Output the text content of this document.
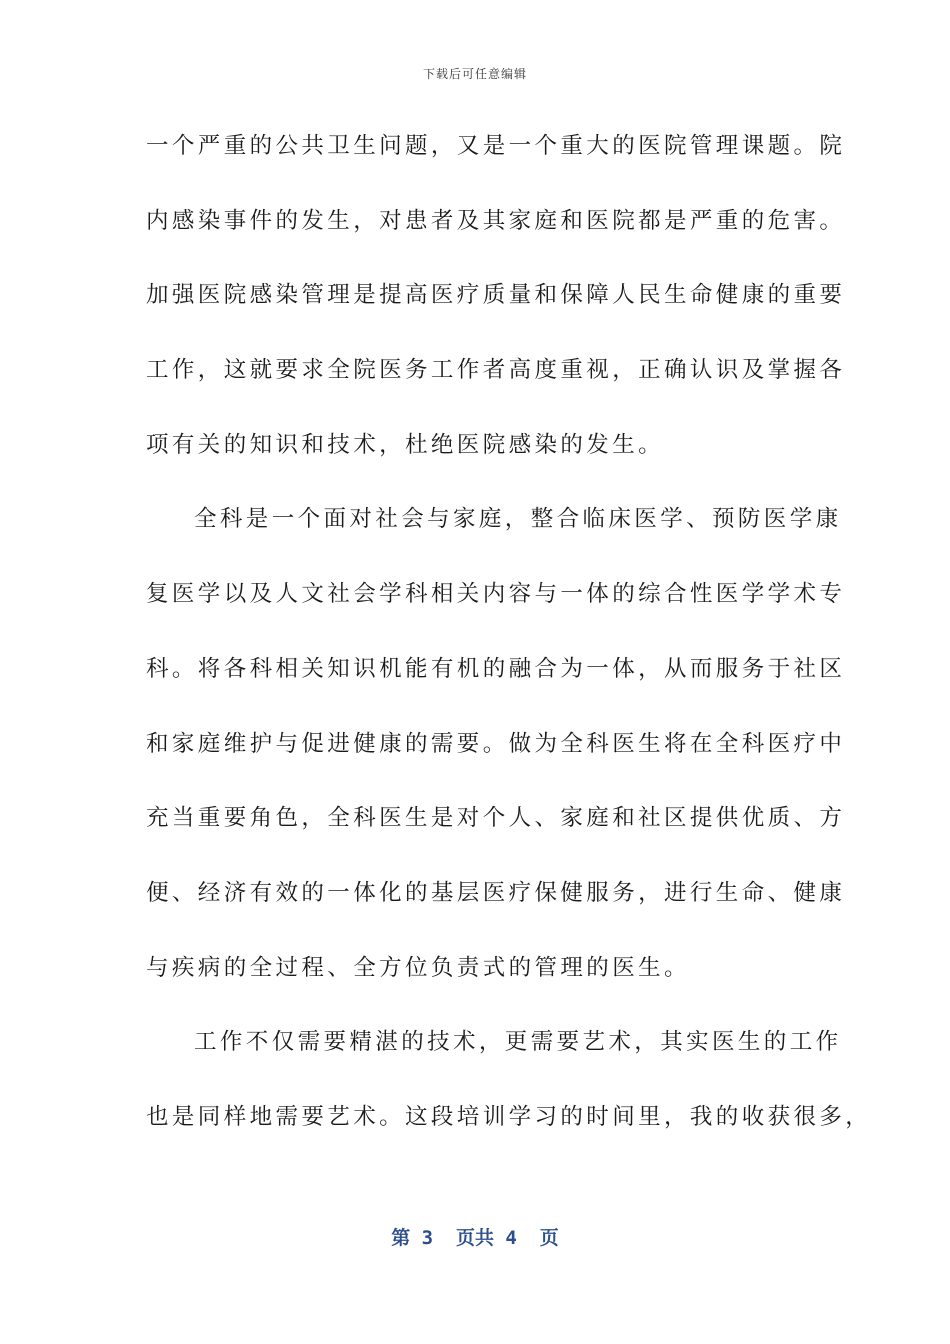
下载后可任意编辑
一个严重的公共卫生问题，又是一个重大的医院管理课题。院
内感染事件的发生，对患者及其家庭和医院都是严重的危害。
加强医院感染管理是提高医疗质量和保障人民生命健康的重要
工作，这就要求全院医务工作者高度重视，正确认识及掌握各
项有关的知识和技术，杜绝医院感染的发生。
全科是一个面对社会与家庭，整合临床医学、预防医学康
复医学以及人文社会学科相关内容与一体的综合性医学学术专
科。将各科相关知识机能有机的融合为一体，从而服务于社区
和家庭维护与促进健康的需要。做为全科医生将在全科医疗中
充当重要角色，全科医生是对个人、家庭和社区提供优质、方
便、经济有效的一体化的基层医疗保健服务，进行生命、健康
与疾病的全过程、全方位负责式的管理的医生。
工作不仅需要精湛的技术，更需要艺术，其实医生的工作
也是同样地需要艺术。这段培训学习的时间里，我的收获很多，
第 3  页共 4  页
